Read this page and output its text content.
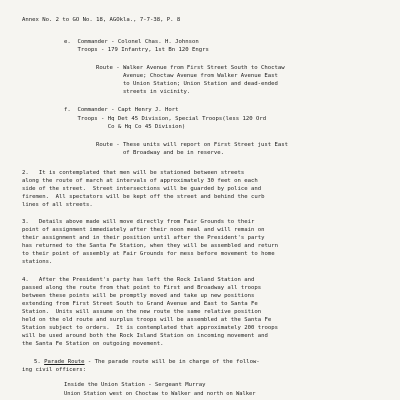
Annex No. 2 to GO No. 18, AGOkla., 7-7-38, P. 8

e.  Commander - Colonel Chas. H. Johnson

Troops - 179 Infantry, 1st Bn 120 Engrs

Route - Walker Avenue from First Street South to Choctaw

Avenue; Choctaw Avenue from Walker Avenue East

to Union Station; Union Station and dead-ended

streets in vicinity.

f.  Commander - Capt Henry J. Hort

Troops - Hq Det 45 Division, Special Troops(less 120 Ord

Co & Hq Co 45 Division)

Route - These units will report on First Street just East

of Broadway and be in reserve.

2.   It is contemplated that men will be stationed between streets

along the route of march at intervals of approximately 30 feet on each

side of the street.  Street intersections will be guarded by police and

firemen.  All spectators will be kept off the street and behind the curb

lines of all streets.

3.   Details above made will move directly from Fair Grounds to their

point of assignment immediately after their noon meal and will remain on

their assignment and in their position until after the President's party

has returned to the Santa Fe Station, when they will be assembled and return

to their point of assembly at Fair Grounds for mess before movement to home

stations.

4.   After the President's party has left the Rock Island Station and

passed along the route from that point to First and Broadway all troops

between these points will be promptly moved and take up new positions

extending from First Street South to Grand Avenue and East to Santa Fe

Station.  Units will assume on the new route the same relative position

held on the old route and surplus troops will be assembled at the Santa Fe

Station subject to orders.  It is contemplated that approximately 200 troops

will be used around both the Rock Island Station on incoming movement and

the Santa Fe Station on outgoing movement.

5. Parade Route - The parade route will be in charge of the follow-

ing civil officers:

Inside the Union Station - Sergeant Murray

Union Station west on Choctaw to Walker and north on Walker
